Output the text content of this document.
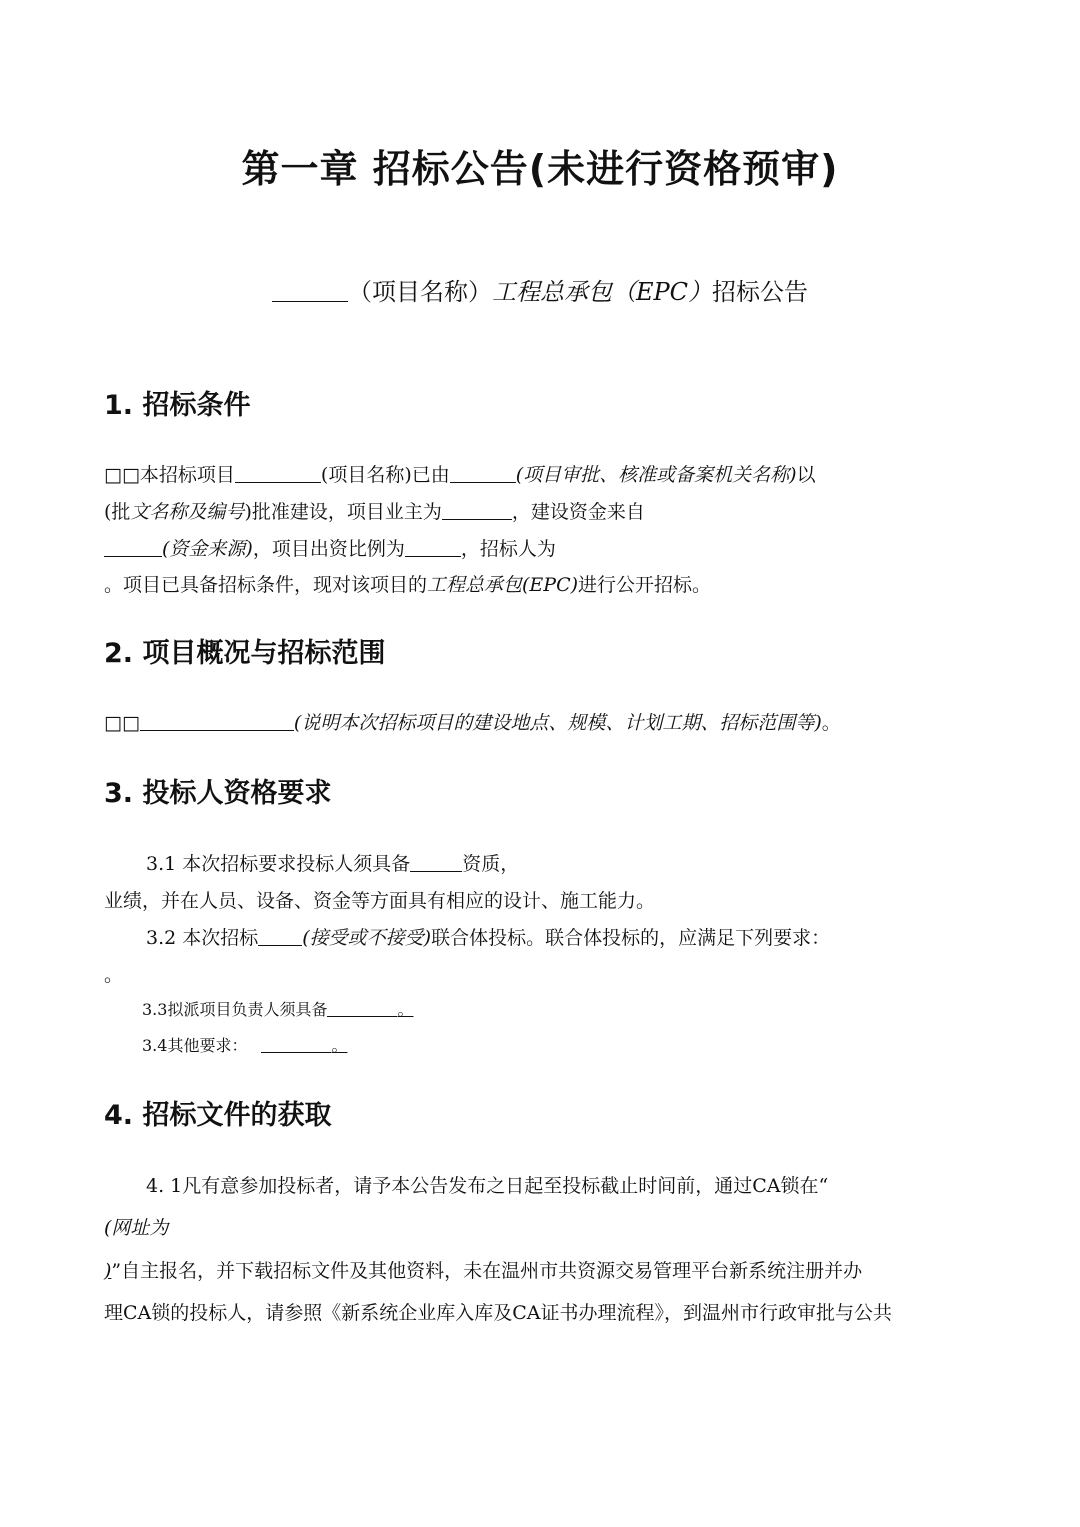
第一章 招标公告(未进行资格预审)
（项目名称）工程总承包（EPC）招标公告
1. 招标条件
□□本招标项目	(项目名称)已由	(项目审批、核准或备案机关名称)以
(批文名称及编号)批准建设，项目业主为	，建设资金来自
(资金来源)，项目出资比例为	，招标人为
。项目已具备招标条件，现对该项目的工程总承包(EPC)进行公开招标。
2. 项目概况与招标范围
□□	(说明本次招标项目的建设地点、规模、计划工期、招标范围等)。
3. 投标人资格要求
3.1 本次招标要求投标人须具备	资质，
业绩，并在人员、设备、资金等方面具有相应的设计、施工能力。
3.2 本次招标 (接受或不接受)联合体投标。联合体投标的，应满足下列要求：
。
3.3拟派项目负责人须具备	。
3.4其他要求：	。
4. 招标文件的获取
4. 1凡有意参加投标者，请予本公告发布之日起至投标截止时间前，通过CA锁在“
(网址为
)”自主报名，并下载招标文件及其他资料，未在温州市共资源交易管理平台新系统注册并办
理CA锁的投标人，请参照《新系统企业库入库及CA证书办理流程》，到温州市行政审批与公共
